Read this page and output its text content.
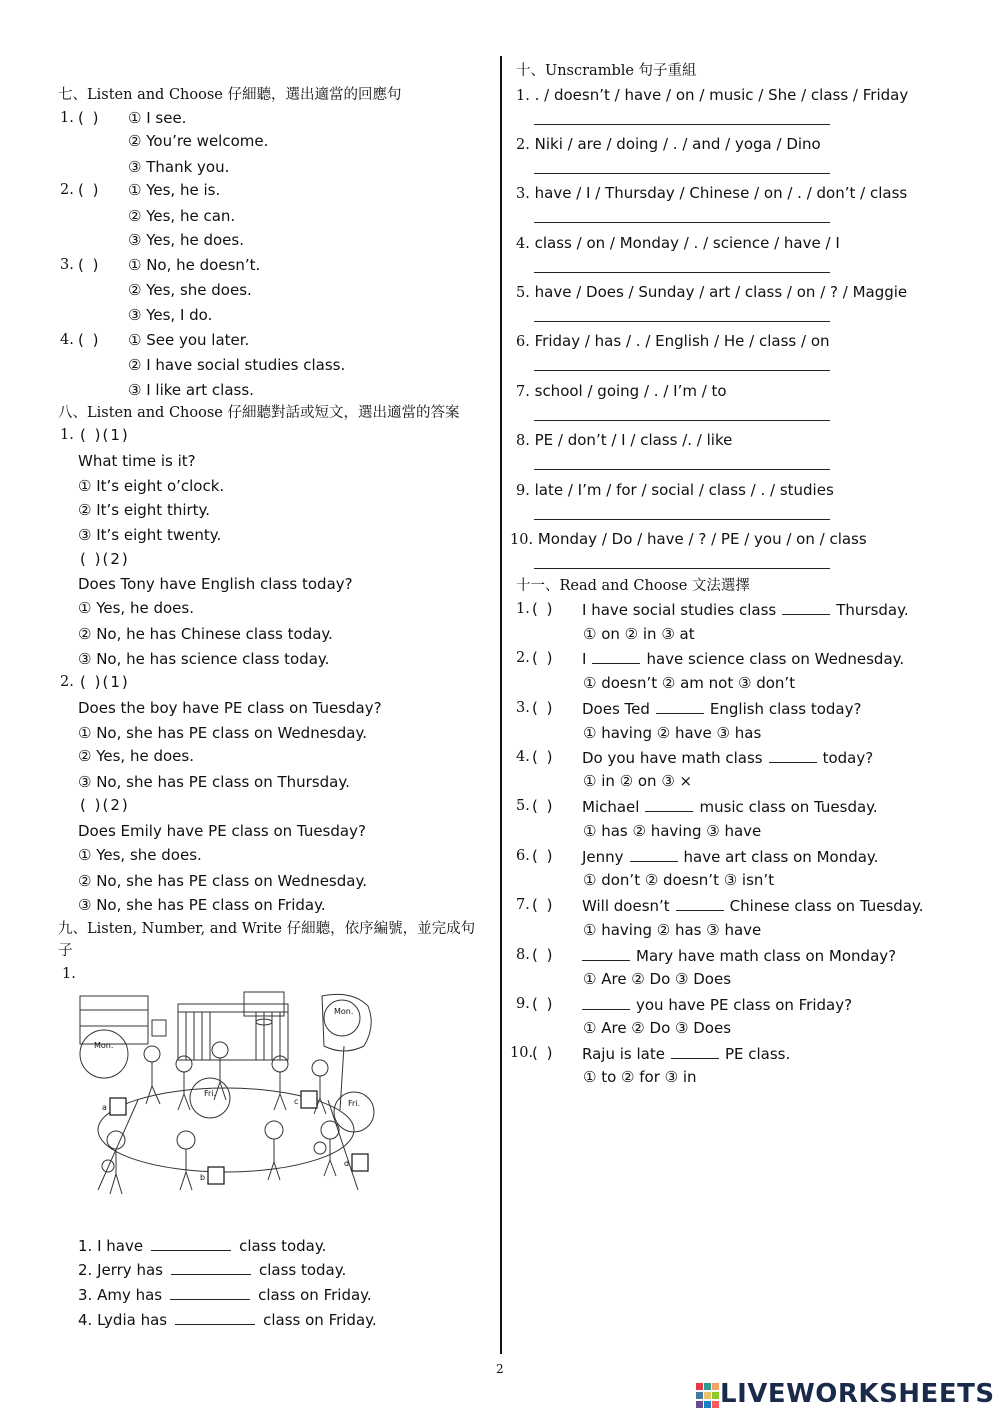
七、Listen and Choose 仔細聽，選出適當的回應句
1. ( ) ① I see.
② You’re welcome.
③ Thank you.
2. ( ) ① Yes, he is.
② Yes, he can.
③ Yes, he does.
3. ( ) ① No, he doesn’t.
② Yes, she does.
③ Yes, I do.
4. ( ) ① See you later.
② I have social studies class.
③ I like art class.
八、Listen and Choose 仔細聽對話或短文，選出適當的答案
1. ( )(1)
What time is it?
① It’s eight o’clock.
② It’s eight thirty.
③ It’s eight twenty.
( )(2)
Does Tony have English class today?
① Yes, he does.
② No, he has Chinese class today.
③ No, he has science class today.
2. ( )(1)
Does the boy have PE class on Tuesday?
① No, she has PE class on Wednesday.
② Yes, he does.
③ No, she has PE class on Thursday.
( )(2)
Does Emily have PE class on Tuesday?
① Yes, she does.
② No, she has PE class on Wednesday.
③ No, she has PE class on Friday.
九、Listen, Number, and Write 仔細聽，依序編號，並完成句
子
1.
Mon.
Mon.
Fri.
Fri.
a
b
c
d
1. I have	class today.
2. Jerry has	class today.
3. Amy has	class on Friday.
4. Lydia has	class on Friday.
十、Unscramble 句子重組
1. . / doesn’t / have / on / music / She / class / Friday
2. Niki / are / doing / . / and / yoga / Dino
3. have / I / Thursday / Chinese / on / . / don’t / class
4. class / on / Monday / . / science / have / I
5. have / Does / Sunday / art / class / on / ? / Maggie
6. Friday / has / . / English / He / class / on
7. school / going / . / I’m / to
8. PE / don’t / I / class /. / like
9. late / I’m / for / social / class / . / studies
10. Monday / Do / have / ? / PE / you / on / class
十一、Read and Choose 文法選擇
1. ( ) I have social studies class	Thursday.
① on ② in ③ at
2. ( ) I	have science class on Wednesday.
① doesn’t ② am not ③ don’t
3. ( ) Does Ted	English class today?
① having ② have ③ has
4. ( ) Do you have math class	today?
① in ② on ③ ×
5. ( ) Michael	music class on Tuesday.
① has ② having ③ have
6. ( ) Jenny	have art class on Monday.
① don’t ② doesn’t ③ isn’t
7. ( ) Will doesn’t	Chinese class on Tuesday.
① having ② has ③ have
8. ( )	Mary have math class on Monday?
① Are ② Do ③ Does
9. ( )	you have PE class on Friday?
① Are ② Do ③ Does
10.
( ) Raju is late	PE class.
① to ② for ③ in
2
LIVEWORKSHEETS
